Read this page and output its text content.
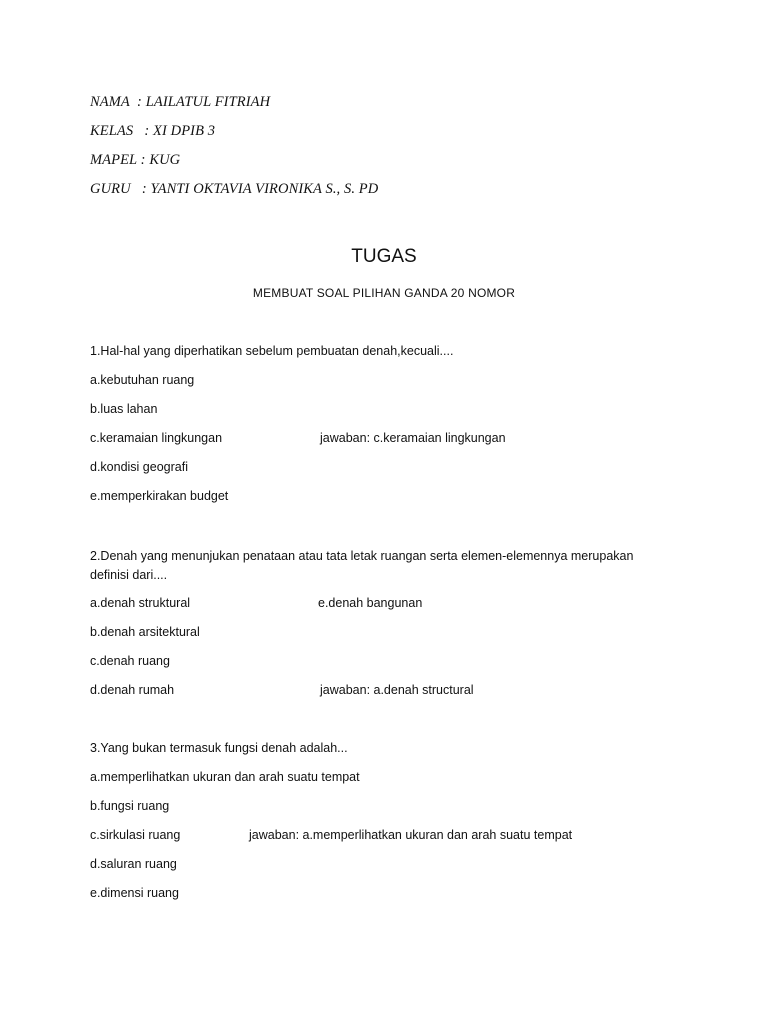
NAMA  : LAILATUL FITRIAH
KELAS   : XI DPIB 3
MAPEL : KUG
GURU   : YANTI OKTAVIA VIRONIKA S., S. PD
TUGAS
MEMBUAT SOAL PILIHAN GANDA 20 NOMOR
1.Hal-hal yang diperhatikan sebelum pembuatan denah,kecuali....
a.kebutuhan ruang
b.luas lahan
c.keramaian lingkungan	jawaban: c.keramaian lingkungan
d.kondisi geografi
e.memperkirakan budget
2.Denah yang menunjukan penataan atau tata letak ruangan serta elemen-elemennya merupakan definisi dari....
a.denah struktural	e.denah bangunan
b.denah arsitektural
c.denah ruang
d.denah rumah	jawaban: a.denah structural
3.Yang bukan termasuk fungsi denah adalah...
a.memperlihatkan ukuran dan arah suatu tempat
b.fungsi ruang
c.sirkulasi ruang	jawaban: a.memperlihatkan ukuran dan arah suatu tempat
d.saluran ruang
e.dimensi ruang
